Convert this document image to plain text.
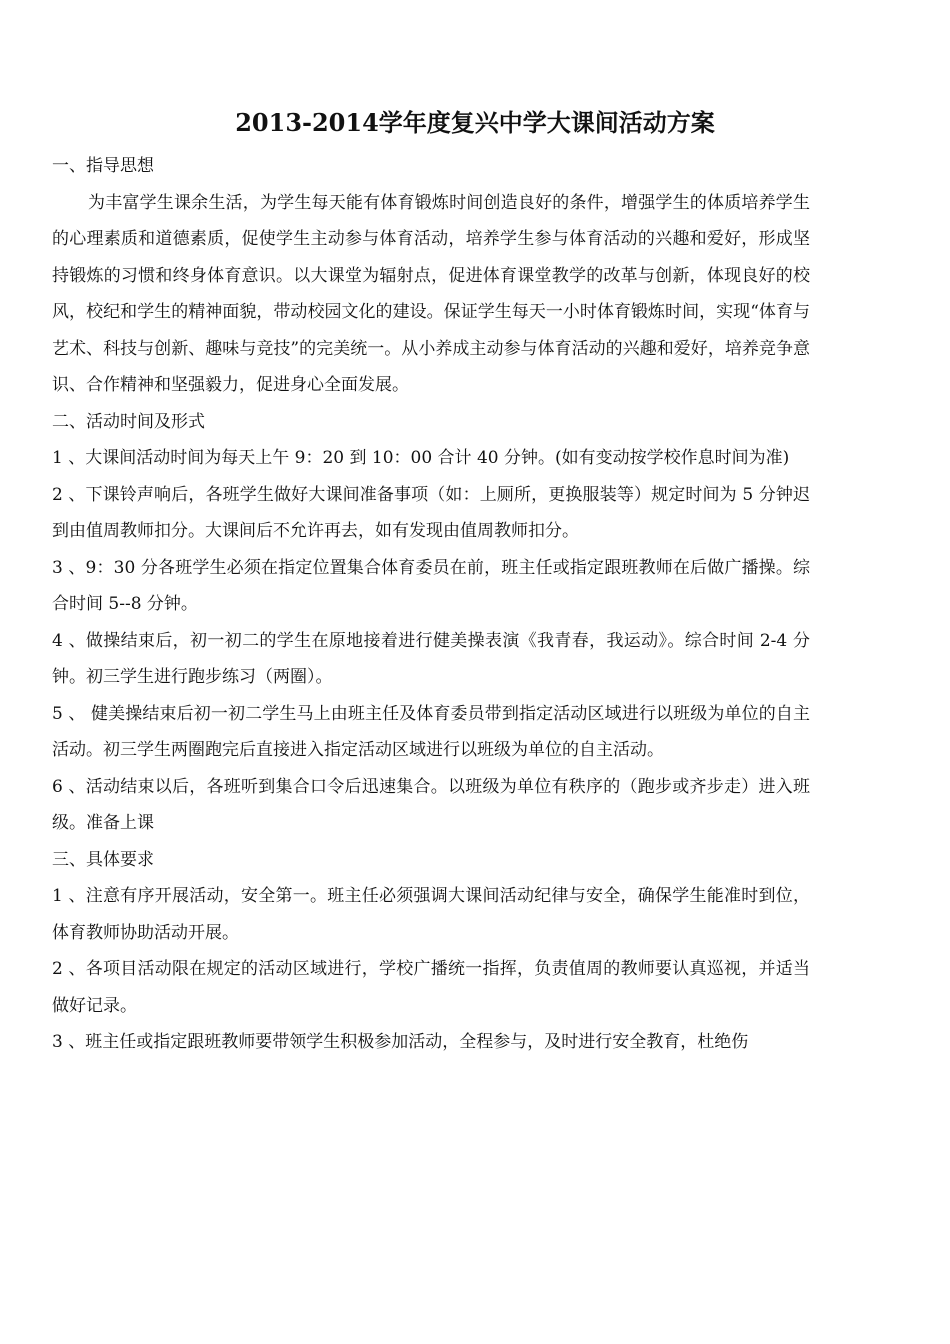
2013-2014学年度复兴中学大课间活动方案

一、指导思想

为丰富学生课余生活，为学生每天能有体育锻炼时间创造良好的条件，增强学生的体质培养学生的心理素质和道德素质，促使学生主动参与体育活动，培养学生参与体育活动的兴趣和爱好，形成坚持锻炼的习惯和终身体育意识。以大课堂为辐射点，促进体育课堂教学的改革与创新，体现良好的校风，校纪和学生的精神面貌，带动校园文化的建设。保证学生每天一小时体育锻炼时间，实现“体育与艺术、科技与创新、趣味与竞技”的完美统一。从小养成主动参与体育活动的兴趣和爱好，培养竞争意识、合作精神和坚强毅力，促进身心全面发展。

二、活动时间及形式

1 、大课间活动时间为每天上午 9：20 到 10：00 合计 40 分钟。(如有变动按学校作息时间为准)

2 、下课铃声响后，各班学生做好大课间准备事项（如：上厕所，更换服装等）规定时间为 5 分钟迟到由值周教师扣分。大课间后不允许再去，如有发现由值周教师扣分。

3 、9：30 分各班学生必须在指定位置集合体育委员在前，班主任或指定跟班教师在后做广播操。综合时间 5--8 分钟。

4 、做操结束后，初一初二的学生在原地接着进行健美操表演《我青春，我运动》。综合时间 2-4 分钟。初三学生进行跑步练习（两圈）。

5 、 健美操结束后初一初二学生马上由班主任及体育委员带到指定活动区域进行以班级为单位的自主活动。初三学生两圈跑完后直接进入指定活动区域进行以班级为单位的自主活动。

6 、活动结束以后，各班听到集合口令后迅速集合。以班级为单位有秩序的（跑步或齐步走）进入班级。准备上课

三、具体要求

1 、注意有序开展活动，安全第一。班主任必须强调大课间活动纪律与安全，确保学生能准时到位，体育教师协助活动开展。

2 、各项目活动限在规定的活动区域进行，学校广播统一指挥，负责值周的教师要认真巡视，并适当做好记录。

3 、班主任或指定跟班教师要带领学生积极参加活动，全程参与，及时进行安全教育，杜绝伤
